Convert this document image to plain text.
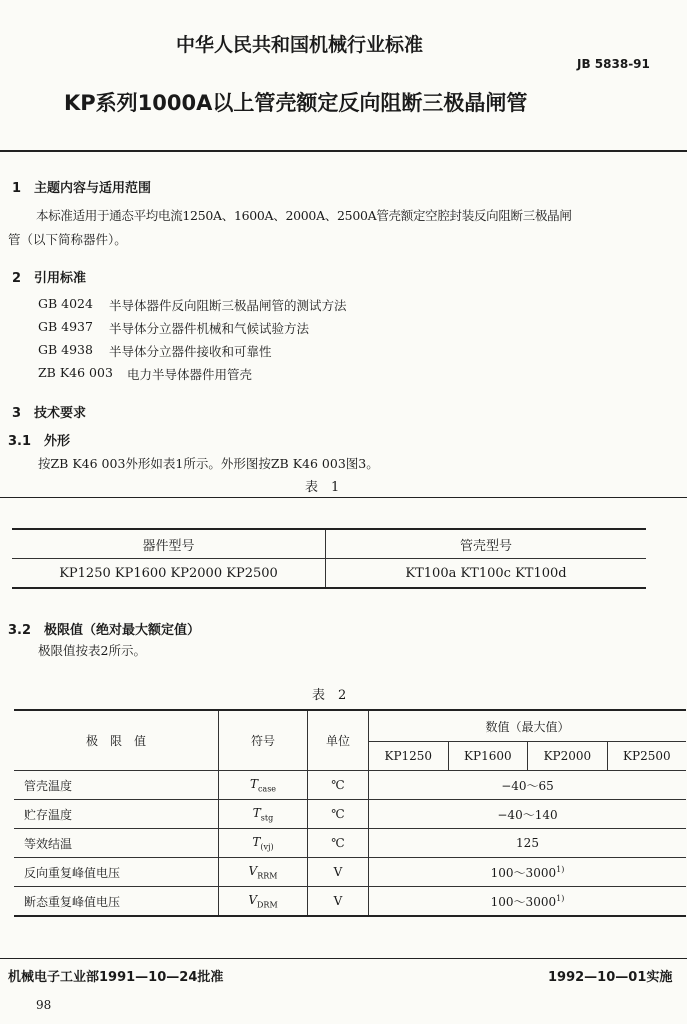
中华人民共和国机械行业标准
JB 5838-91
KP系列1000A以上管壳额定反向阻断三极晶闸管
1　主题内容与适用范围
本标准适用于通态平均电流1250A、1600A、2000A、2500A管壳额定空腔封装反向阻断三极晶闸
管（以下简称器件）。
2　引用标准
GB 4024 半导体器件反向阻断三极晶闸管的测试方法
GB 4937 半导体分立器件机械和气候试验方法
GB 4938 半导体分立器件接收和可靠性
ZB K46 003 电力半导体器件用管壳
3　技术要求
3.1　外形
按ZB K46 003外形如表1所示。外形图按ZB K46 003图3。
表　1
器件型号	管壳型号
KP1250 KP1600 KP2000 KP2500	KT100a KT100c KT100d
3.2　极限值（绝对最大额定值）
极限值按表2所示。
表　2
极　限　值	符号	单位	数值（最大值）			
			KP1250	KP1600	KP2000	KP2500
管壳温度	$T_{case}$	℃	−40～65			
贮存温度	$T_{stg}$	℃	−40～140			
等效结温	$T_{(vj)}$	℃	125			
反向重复峰值电压	$V_{RRM}$	V	100～3000$^{1)}$
断态重复峰值电压	$V_{DRM}$	V	100～3000$^{1)}$
机械电子工业部1991—10—24批准	1992—10—01实施
98
